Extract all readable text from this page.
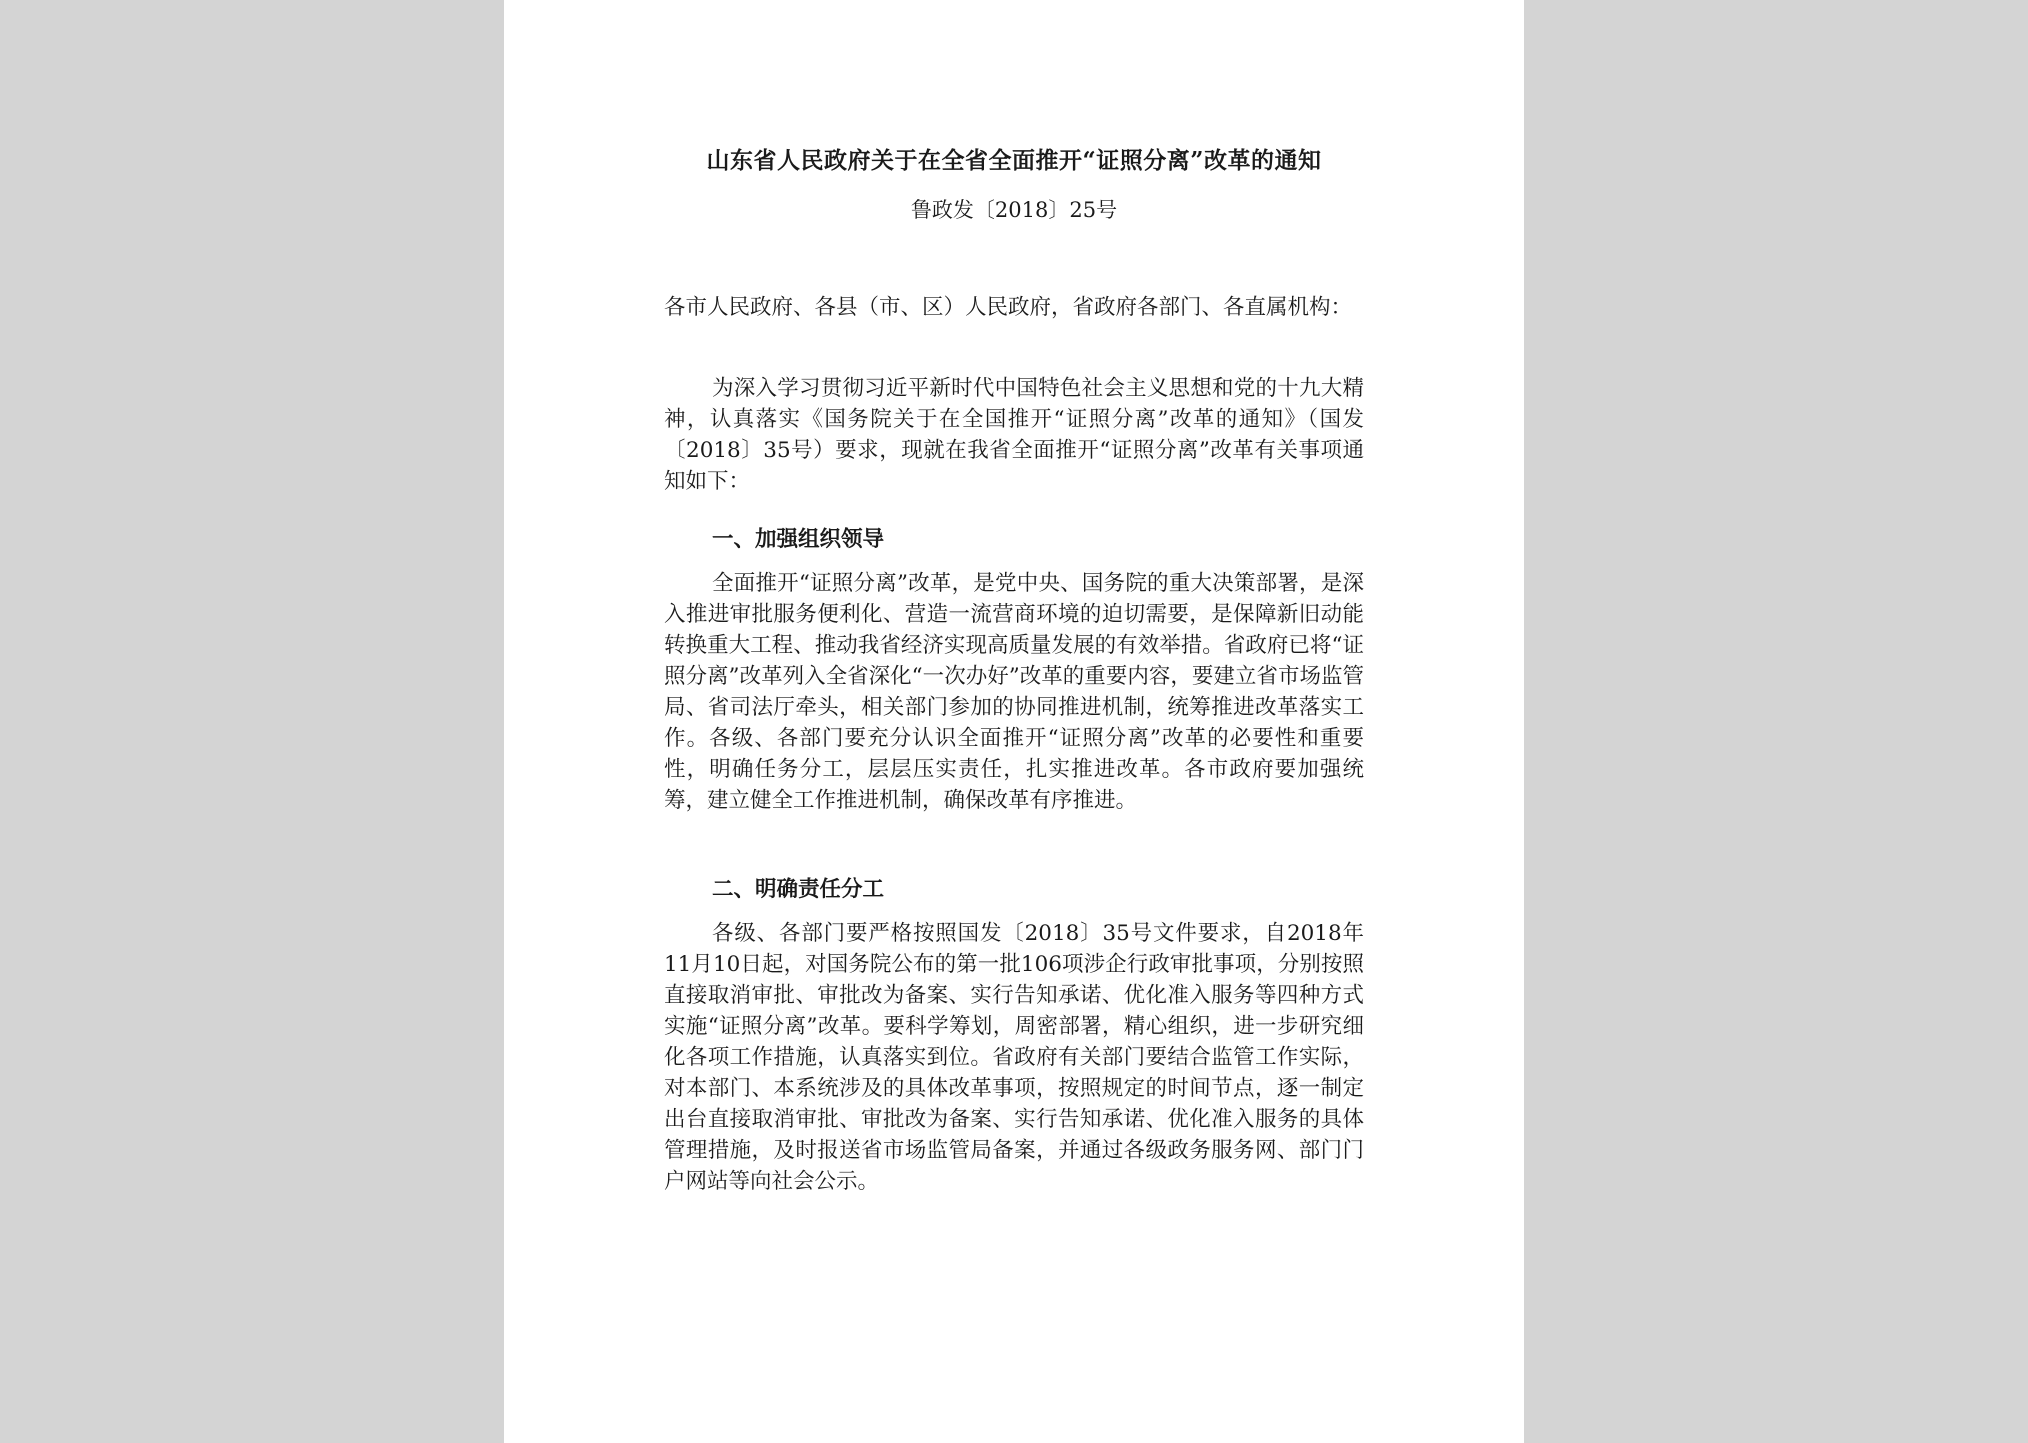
山东省人民政府关于在全省全面推开“证照分离”改革的通知
鲁政发〔2018〕25号
各市人民政府、各县（市、区）人民政府，省政府各部门、各直属机构：
为深入学习贯彻习近平新时代中国特色社会主义思想和党的十九大精神，认真落实《国务院关于在全国推开“证照分离”改革的通知》（国发〔2018〕35号）要求，现就在我省全面推开“证照分离”改革有关事项通知如下：
一、加强组织领导
全面推开“证照分离”改革，是党中央、国务院的重大决策部署，是深入推进审批服务便利化、营造一流营商环境的迫切需要，是保障新旧动能转换重大工程、推动我省经济实现高质量发展的有效举措。省政府已将“证照分离”改革列入全省深化“一次办好”改革的重要内容，要建立省市场监管局、省司法厅牵头，相关部门参加的协同推进机制，统筹推进改革落实工作。各级、各部门要充分认识全面推开“证照分离”改革的必要性和重要性，明确任务分工，层层压实责任，扎实推进改革。各市政府要加强统筹，建立健全工作推进机制，确保改革有序推进。
二、明确责任分工
各级、各部门要严格按照国发〔2018〕35号文件要求，自2018年11月10日起，对国务院公布的第一批106项涉企行政审批事项，分别按照直接取消审批、审批改为备案、实行告知承诺、优化准入服务等四种方式实施“证照分离”改革。要科学筹划，周密部署，精心组织，进一步研究细化各项工作措施，认真落实到位。省政府有关部门要结合监管工作实际，对本部门、本系统涉及的具体改革事项，按照规定的时间节点，逐一制定出台直接取消审批、审批改为备案、实行告知承诺、优化准入服务的具体管理措施，及时报送省市场监管局备案，并通过各级政务服务网、部门门户网站等向社会公示。
